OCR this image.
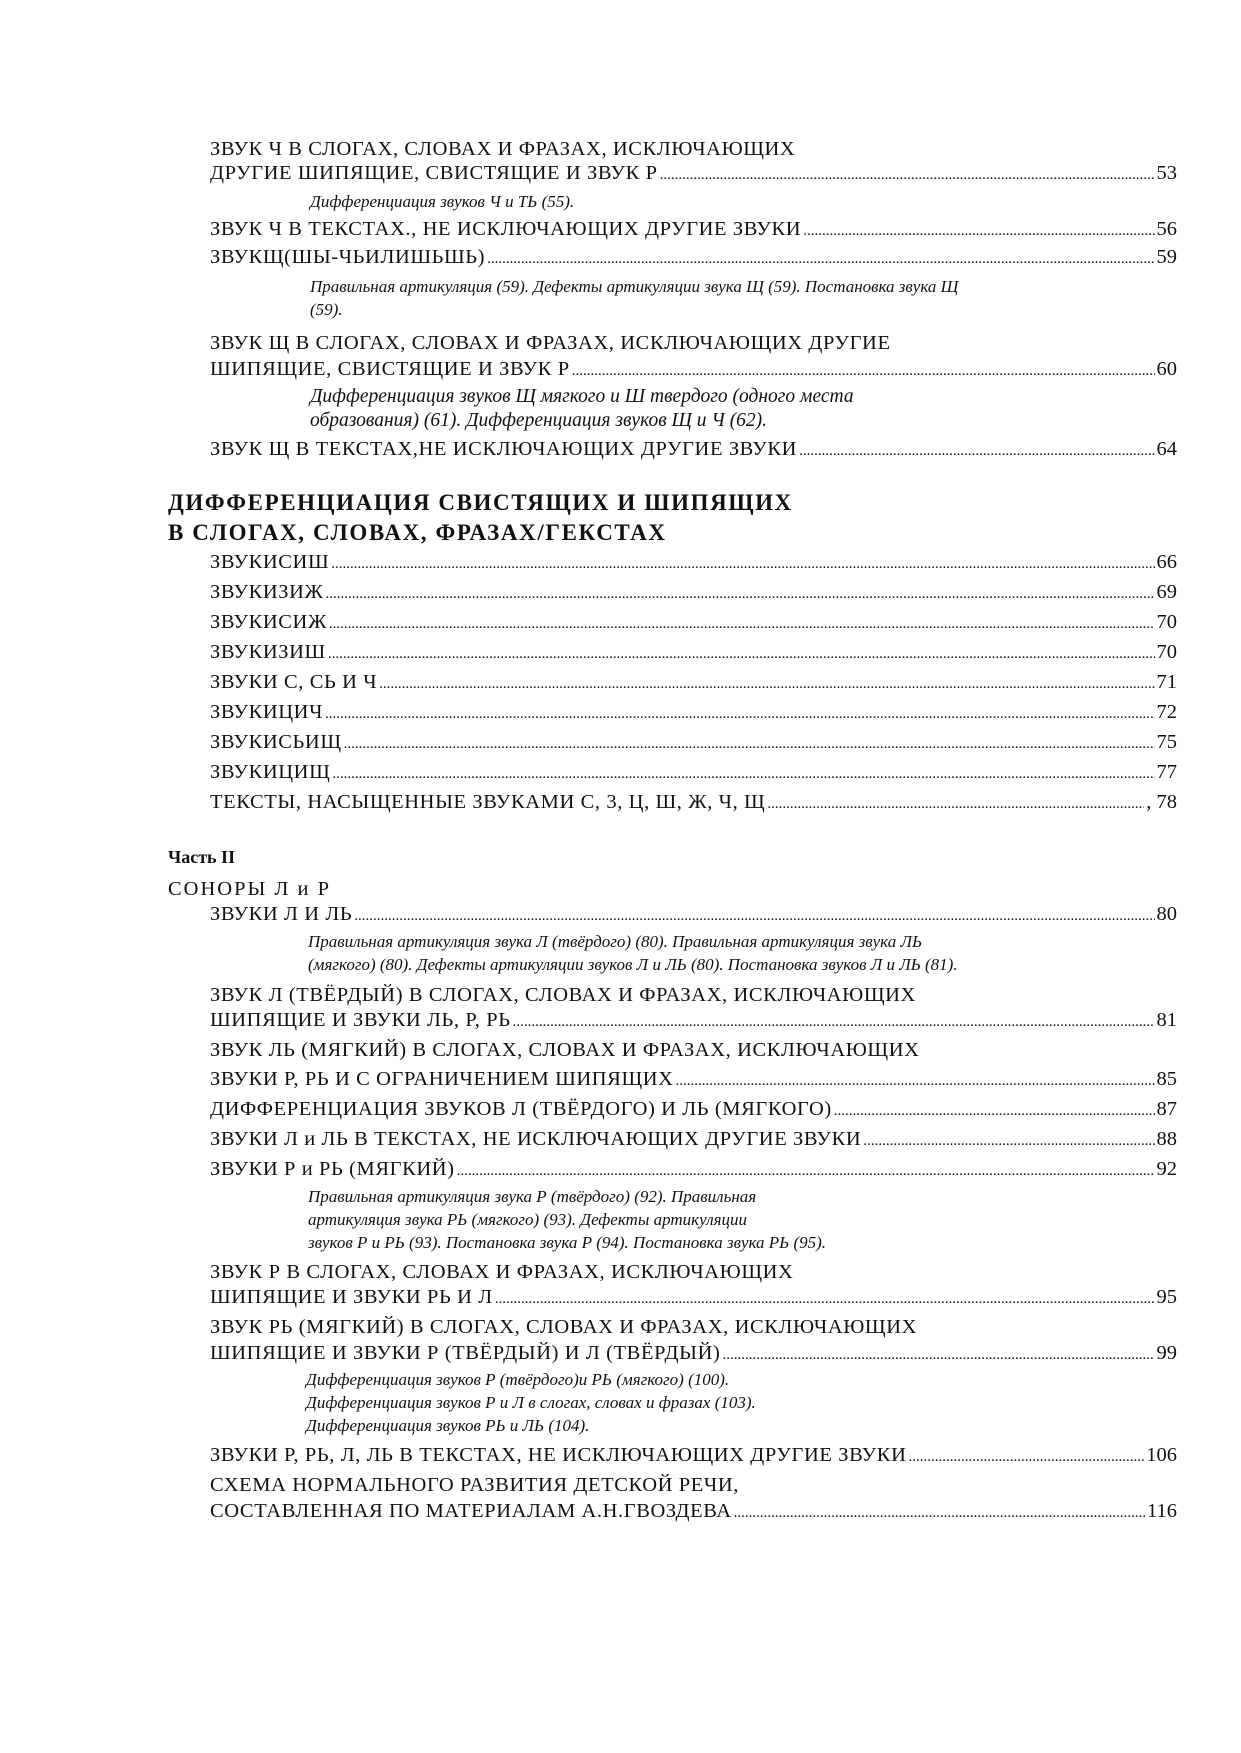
ЗВУК Ч В СЛОГАХ, СЛОВАХ И ФРАЗАХ, ИСКЛЮЧАЮЩИХ
ДРУГИЕ ШИПЯЩИЕ, СВИСТЯЩИЕ И ЗВУК Р .....	53
Дифференциация звуков Ч и ТЬ (55).
ЗВУК Ч В ТЕКСТАХ., НЕ ИСКЛЮЧАЮЩИХ ДРУГИЕ ЗВУКИ .....	56
ЗВУКЩ(ШЫ-ЧЬИЛИШЬШЬ) .....	59
Правильная артикуляция (59). Дефекты артикуляции звука Щ (59). Постановка звука Щ
(59).
ЗВУК Щ В СЛОГАХ, СЛОВАХ И ФРАЗАХ, ИСКЛЮЧАЮЩИХ ДРУГИЕ
ШИПЯЩИЕ, СВИСТЯЩИЕ И ЗВУК Р .....	60
Дифференциация звуков Щ мягкого и Ш твердого (одного места
образования) (61). Дифференциация звуков Щ и Ч (62).
ЗВУК Щ В ТЕКСТАХ,НЕ ИСКЛЮЧАЮЩИХ ДРУГИЕ ЗВУКИ .....	64
ДИФФЕРЕНЦИАЦИЯ СВИСТЯЩИХ И ШИПЯЩИХ
В СЛОГАХ, СЛОВАХ, ФРАЗАХ/ГЕКСТАХ
ЗВУКИСИШ .....	66
ЗВУКИЗИЖ .....	69
ЗВУКИСИЖ .....	70
ЗВУКИЗИШ .....	70
ЗВУКИ С, СЬ И Ч .....	71
ЗВУКИЦИЧ .....	72
ЗВУКИСЬИЩ .....	75
ЗВУКИЦИЩ .....	77
ТЕКСТЫ, НАСЫЩЕННЫЕ ЗВУКАМИ С, 3, Ц, Ш, Ж, Ч, Щ .....	, 78
Часть II
СОНОРЫ Л и Р
ЗВУКИ Л И ЛЬ .....	80
Правильная артикуляция звука Л (твёрдого) (80). Правильная артикуляция звука ЛЬ
(мягкого) (80). Дефекты артикуляции звуков Л и ЛЬ (80). Постановка звуков Л и ЛЬ (81).
ЗВУК Л (ТВЁРДЫЙ) В СЛОГАХ, СЛОВАХ И ФРАЗАХ, ИСКЛЮЧАЮЩИХ
ШИПЯЩИЕ И ЗВУКИ ЛЬ, Р, РЬ .....	81
ЗВУК ЛЬ (МЯГКИЙ) В СЛОГАХ, СЛОВАХ И ФРАЗАХ, ИСКЛЮЧАЮЩИХ
ЗВУКИ Р, РЬ И С ОГРАНИЧЕНИЕМ ШИПЯЩИХ .....	85
ДИФФЕРЕНЦИАЦИЯ ЗВУКОВ Л (ТВЁРДОГО) И ЛЬ (МЯГКОГО) .....	87
ЗВУКИ Л и ЛЬ В ТЕКСТАХ, НЕ ИСКЛЮЧАЮЩИХ ДРУГИЕ ЗВУКИ .....	88
ЗВУКИ Р и РЬ (МЯГКИЙ) .....	92
Правильная артикуляция звука Р (твёрдого) (92). Правильная
артикуляция звука РЬ (мягкого) (93). Дефекты артикуляции
звуков Р и РЬ (93). Постановка звука Р (94). Постановка звука РЬ (95).
ЗВУК Р В СЛОГАХ, СЛОВАХ И ФРАЗАХ, ИСКЛЮЧАЮЩИХ
ШИПЯЩИЕ И ЗВУКИ РЬ И Л .....	95
ЗВУК РЬ (МЯГКИЙ) В СЛОГАХ, СЛОВАХ И ФРАЗАХ, ИСКЛЮЧАЮЩИХ
ШИПЯЩИЕ И ЗВУКИ Р (ТВЁРДЫЙ) И Л (ТВЁРДЫЙ) .....	99
Дифференциация звуков Р (твёрдого)и РЬ (мягкого) (100).
Дифференциация звуков Р и Л в слогах, словах и фразах (103).
Дифференциация звуков РЬ и ЛЬ (104).
ЗВУКИ Р, РЬ, Л, ЛЬ В ТЕКСТАХ, НЕ ИСКЛЮЧАЮЩИХ ДРУГИЕ ЗВУКИ .....	106
СХЕМА НОРМАЛЬНОГО РАЗВИТИЯ ДЕТСКОЙ РЕЧИ,
СОСТАВЛЕННАЯ ПО МАТЕРИАЛАМ А.Н.ГВОЗДЕВА .....	116
